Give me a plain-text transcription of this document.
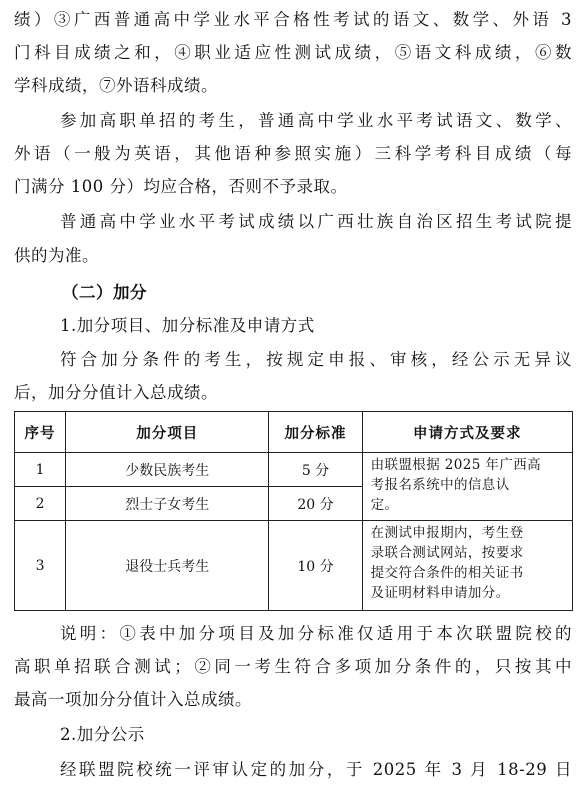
绩）③广西普通高中学业水平合格性考试的语文、数学、外语 3
门科目成绩之和，④职业适应性测试成绩，⑤语文科成绩，⑥数
学科成绩，⑦外语科成绩。
参加高职单招的考生，普通高中学业水平考试语文、数学、
外语（一般为英语，其他语种参照实施）三科学考科目成绩（每
门满分 100 分）均应合格，否则不予录取。
普通高中学业水平考试成绩以广西壮族自治区招生考试院提
供的为准。
（二）加分
1.加分项目、加分标准及申请方式
符合加分条件的考生，按规定申报、审核，经公示无异议
后，加分分值计入总成绩。
序号	加分项目	加分标准	申请方式及要求
1	少数民族考生	5 分	由联盟根据 2025 年广西高
考报名系统中的信息认
定。

2	烈士子女考生	20 分	
3	退役士兵考生	10 分	在测试申报期内，考生登
录联合测试网站，按要求
提交符合条件的相关证书
及证明材料申请加分。
说明：①表中加分项目及加分标准仅适用于本次联盟院校的
高职单招联合测试；②同一考生符合多项加分条件的，只按其中
最高一项加分分值计入总成绩。
2.加分公示
经联盟院校统一评审认定的加分，于 2025 年 3 月 18-29 日
